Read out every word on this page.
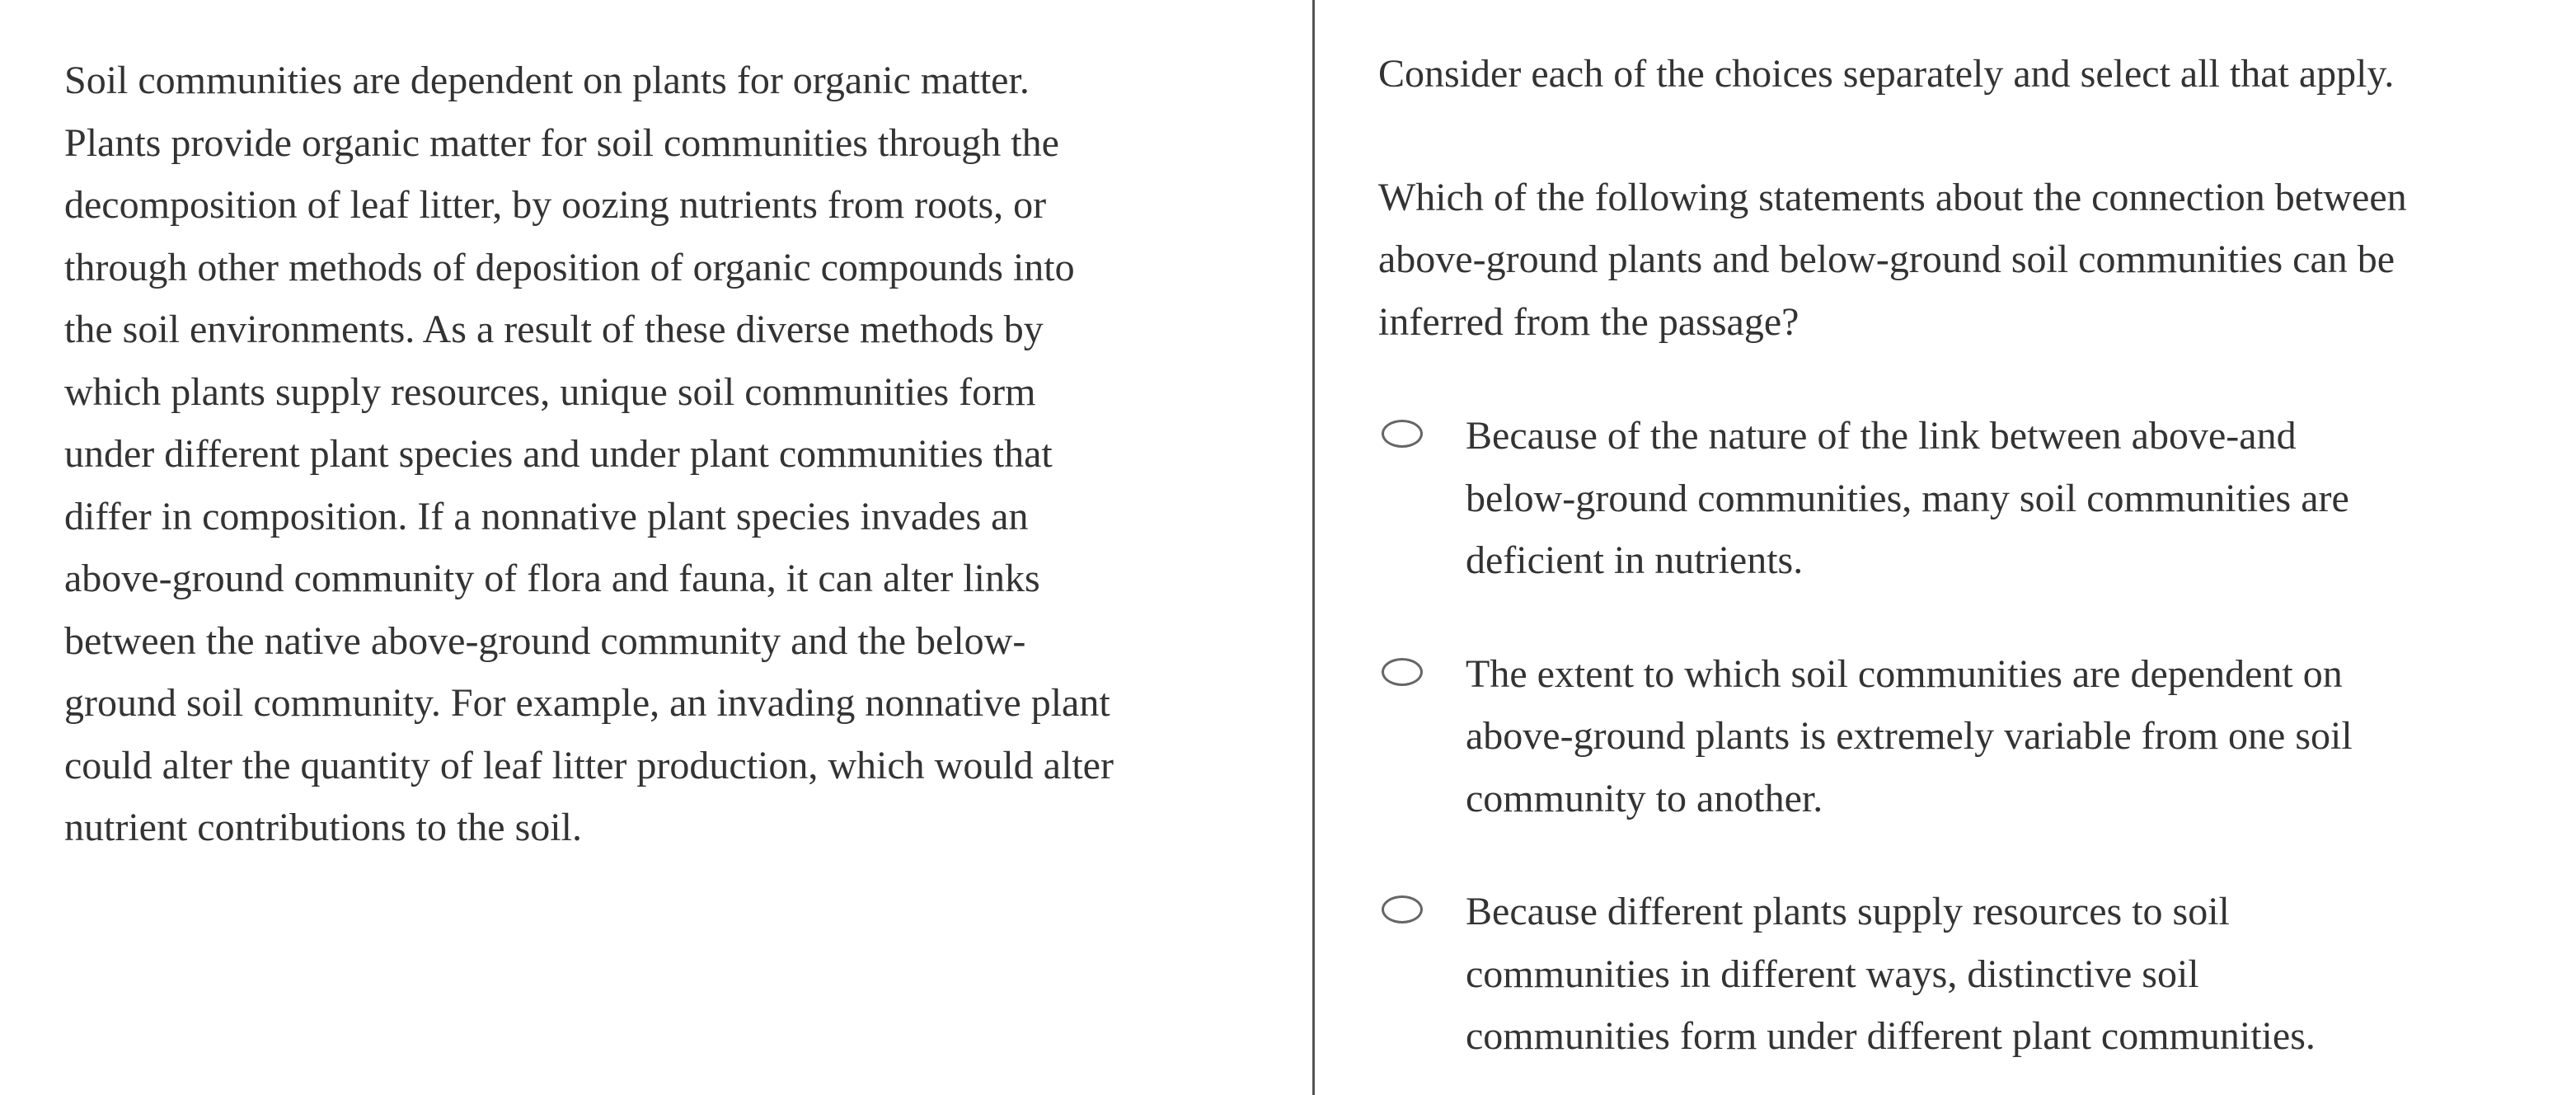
Soil communities are dependent on plants for organic matter.
Plants provide organic matter for soil communities through the
decomposition of leaf litter, by oozing nutrients from roots, or
through other methods of deposition of organic compounds into
the soil environments. As a result of these diverse methods by
which plants supply resources, unique soil communities form
under different plant species and under plant communities that
differ in composition. If a nonnative plant species invades an
above-ground community of flora and fauna, it can alter links
between the native above-ground community and the below-
ground soil community. For example, an invading nonnative plant
could alter the quantity of leaf litter production, which would alter
nutrient contributions to the soil.

Consider each of the choices separately and select all that apply.

Which of the following statements about the connection between
above-ground plants and below-ground soil communities can be
inferred from the passage?

Because of the nature of the link between above-and
below-ground communities, many soil communities are
deficient in nutrients.
The extent to which soil communities are dependent on
above-ground plants is extremely variable from one soil
community to another.
Because different plants supply resources to soil
communities in different ways, distinctive soil
communities form under different plant communities.
